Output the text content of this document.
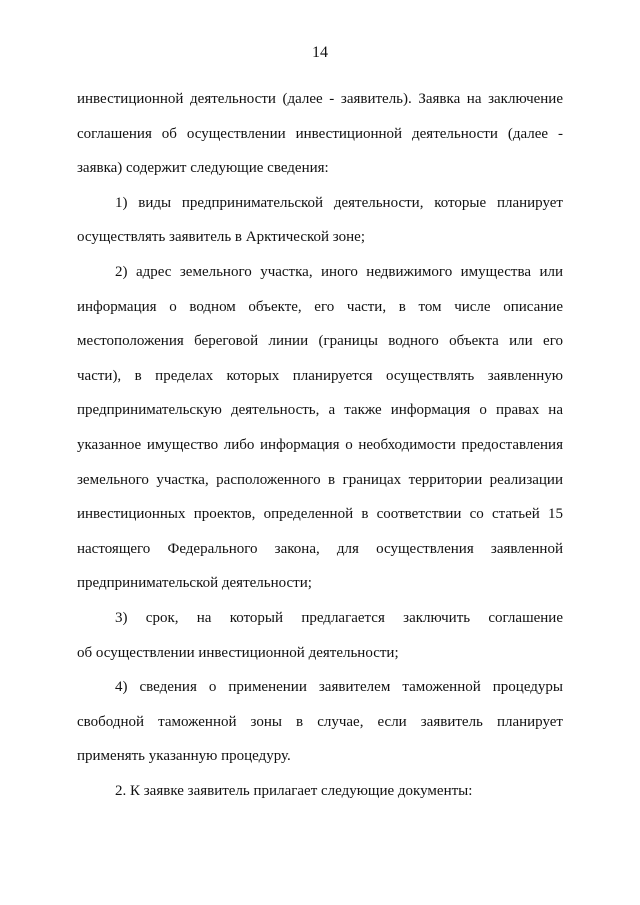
14

инвестиционной деятельности (далее - заявитель). Заявка на заключение
соглашения об осуществлении инвестиционной деятельности (далее -
заявка) содержит следующие сведения:

1) виды предпринимательской деятельности, которые планирует
осуществлять заявитель в Арктической зоне;

2) адрес земельного участка, иного недвижимого имущества или
информация о водном объекте, его части, в том числе описание
местоположения береговой линии (границы водного объекта или его
части), в пределах которых планируется осуществлять заявленную
предпринимательскую деятельность, а также информация о правах на
указанное имущество либо информация о необходимости предоставления
земельного участка, расположенного в границах территории реализации
инвестиционных проектов, определенной в соответствии со статьей 15
настоящего Федерального закона, для осуществления заявленной
предпринимательской деятельности;

3) срок, на который предлагается заключить соглашение
об осуществлении инвестиционной деятельности;

4) сведения о применении заявителем таможенной процедуры
свободной таможенной зоны в случае, если заявитель планирует
применять указанную процедуру.

2. К заявке заявитель прилагает следующие документы:
